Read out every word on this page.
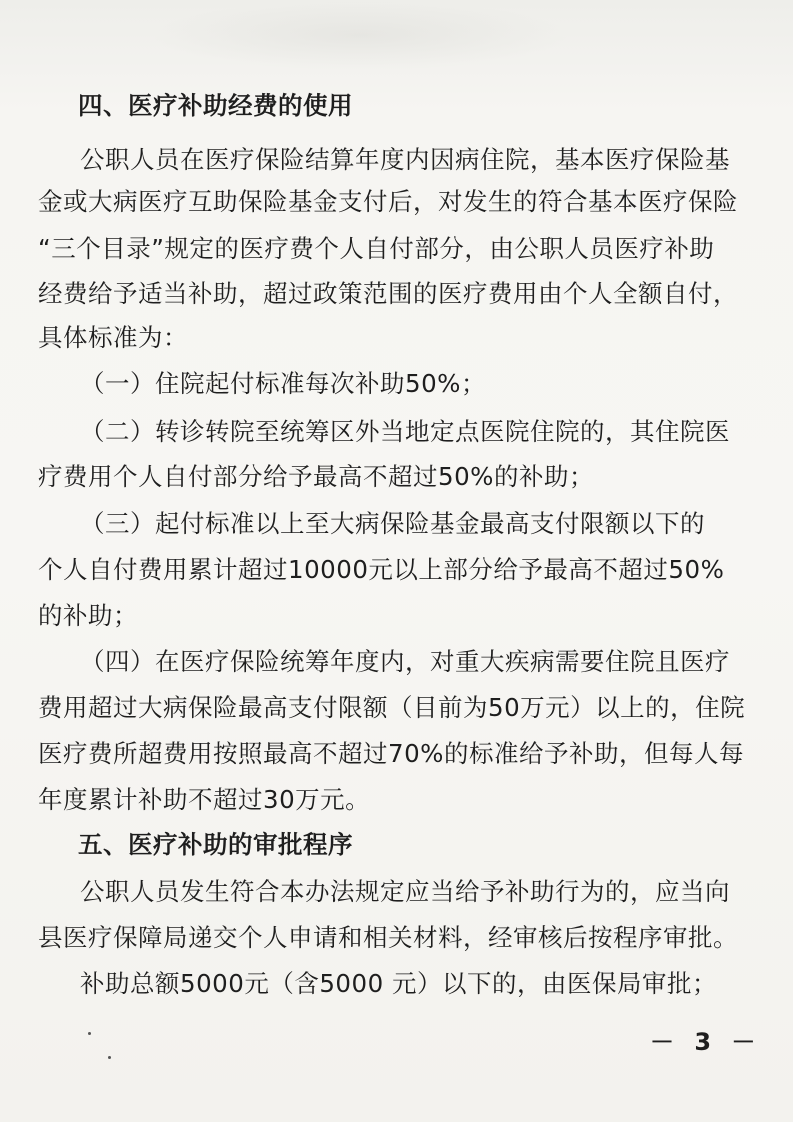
四、医疗补助经费的使用
公职人员在医疗保险结算年度内因病住院，基本医疗保险基
金或大病医疗互助保险基金支付后，对发生的符合基本医疗保险
“三个目录”规定的医疗费个人自付部分，由公职人员医疗补助
经费给予适当补助，超过政策范围的医疗费用由个人全额自付，
具体标准为：
（一）住院起付标准每次补助50%；
（二）转诊转院至统筹区外当地定点医院住院的，其住院医
疗费用个人自付部分给予最高不超过50%的补助；
（三）起付标准以上至大病保险基金最高支付限额以下的
个人自付费用累计超过10000元以上部分给予最高不超过50%
的补助；
（四）在医疗保险统筹年度内，对重大疾病需要住院且医疗
费用超过大病保险最高支付限额（目前为50万元）以上的，住院
医疗费所超费用按照最高不超过70%的标准给予补助，但每人每
年度累计补助不超过30万元。
五、医疗补助的审批程序
公职人员发生符合本办法规定应当给予补助行为的，应当向
县医疗保障局递交个人申请和相关材料，经审核后按程序审批。
补助总额5000元（含5000 元）以下的，由医保局审批；
－ 3 －
